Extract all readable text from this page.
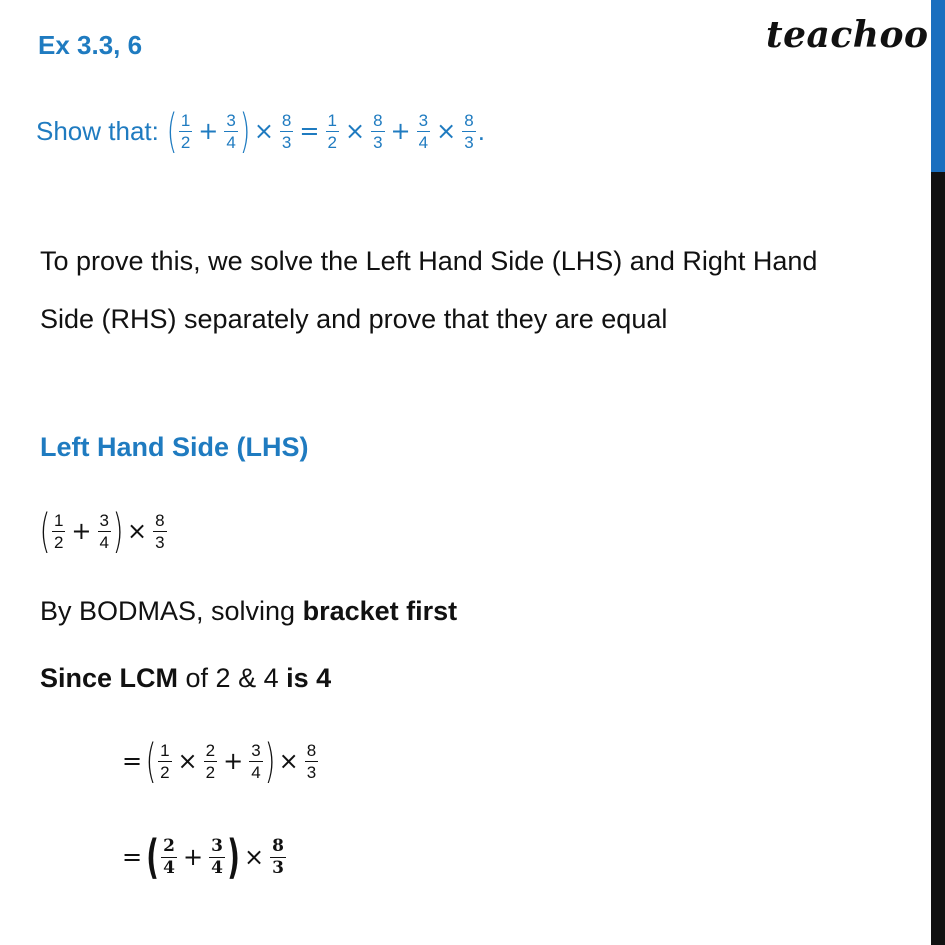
Ex 3.3, 6	teachoo
Show that: ( $\frac{1}{2} + \frac{3}{4}$ ) × $\frac{8}{3} = \frac{1}{2} \times \frac{8}{3} + \frac{3}{4} \times \frac{8}{3}$ .
To prove this, we solve the Left Hand Side (LHS) and Right Hand
Side (RHS) separately and prove that they are equal
Left Hand Side (LHS)
( $\frac{1}{2} + \frac{3}{4}$ ) × $\frac{8}{3}$
By BODMAS, solving bracket first
Since LCM of 2 & 4 is 4
= ( $\frac{1}{2} \times \frac{2}{2} + \frac{3}{4}$ ) × $\frac{8}{3}$
= ( $\frac{2}{4} + \frac{3}{4}$ ) × $\frac{8}{3}$
